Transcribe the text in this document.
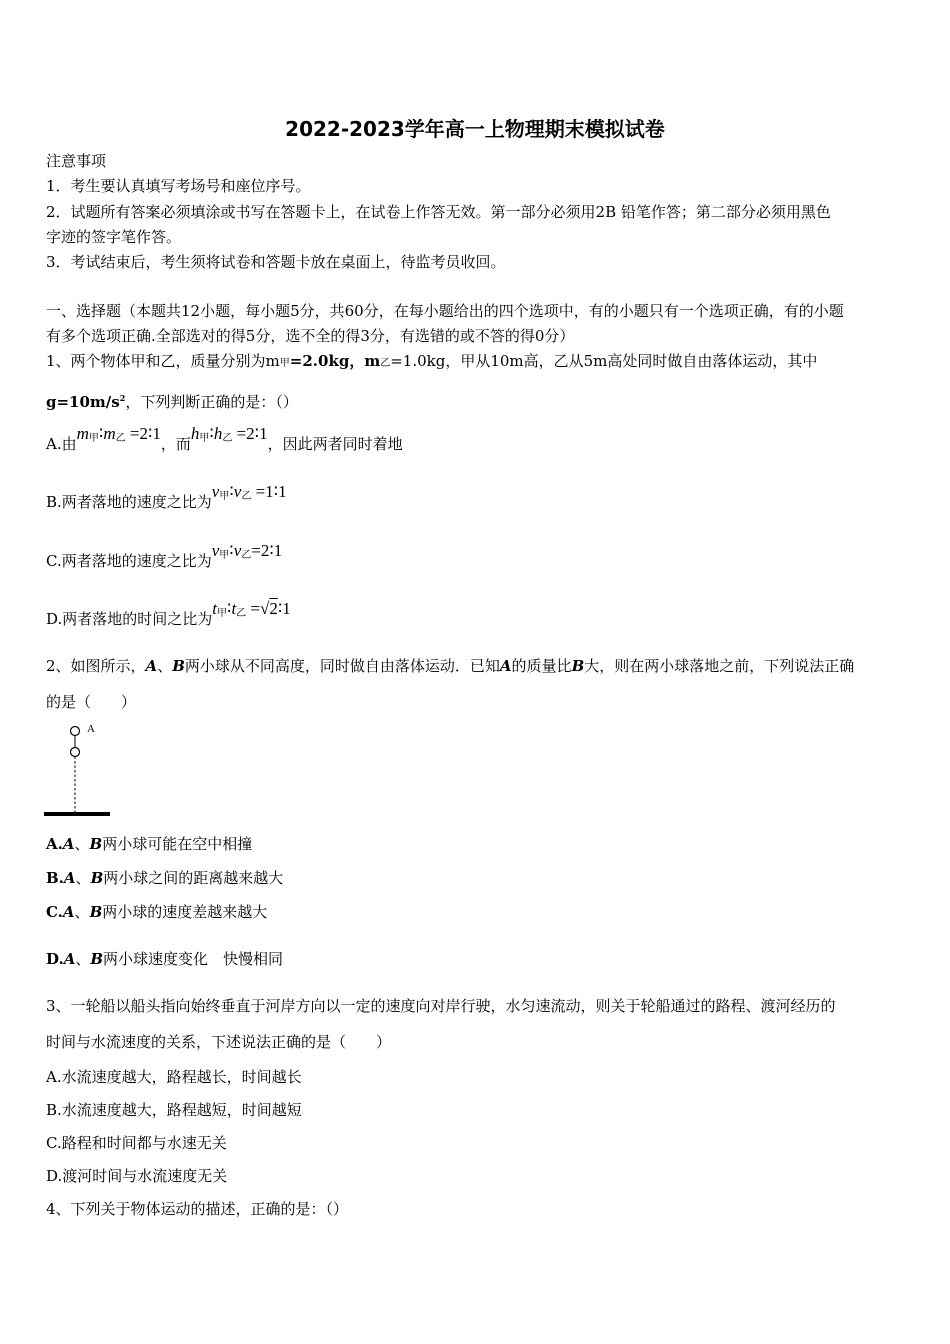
2022-2023学年高一上物理期末模拟试卷
注意事项
1．考生要认真填写考场号和座位序号。
2．试题所有答案必须填涂或书写在答题卡上，在试卷上作答无效。第一部分必须用2B 铅笔作答；第二部分必须用黑色
字迹的签字笔作答。
3．考试结束后，考生须将试卷和答题卡放在桌面上，待监考员收回。
一、选择题（本题共12小题，每小题5分，共60分，在每小题给出的四个选项中，有的小题只有一个选项正确，有的小题
有多个选项正确.全部选对的得5分，选不全的得3分，有选错的或不答的得0分）
1、两个物体甲和乙，质量分别为m甲=2.0kg，m乙=1.0kg，甲从10m高，乙从5m高处同时做自由落体运动，其中
$g=10m/s^2$，下列判断正确的是：（）
A.由$m_甲∶m_乙$ =2∶1，而$h_甲∶h_乙$ =2∶1，因此两者同时着地
B.两者落地的速度之比为$v_甲∶v_乙$ =1∶1
C.两者落地的速度之比为$v_甲∶v_乙=2∶1$
D.两者落地的时间之比为$t_甲∶t_乙$ =√2∶1
2、如图所示，A、B两小球从不同高度，同时做自由落体运动．已知A的质量比B大，则在两小球落地之前，下列说法正确
的是（　　）
A
A.A、B两小球可能在空中相撞
B.A、B两小球之间的距离越来越大
C.A、B两小球的速度差越来越大
D.A、B两小球速度变化　快慢相同
3、一轮船以船头指向始终垂直于河岸方向以一定的速度向对岸行驶，水匀速流动，则关于轮船通过的路程、渡河经历的
时间与水流速度的关系，下述说法正确的是（　　）
A.水流速度越大，路程越长，时间越长
B.水流速度越大，路程越短，时间越短
C.路程和时间都与水速无关
D.渡河时间与水流速度无关
4、下列关于物体运动的描述，正确的是：（）
